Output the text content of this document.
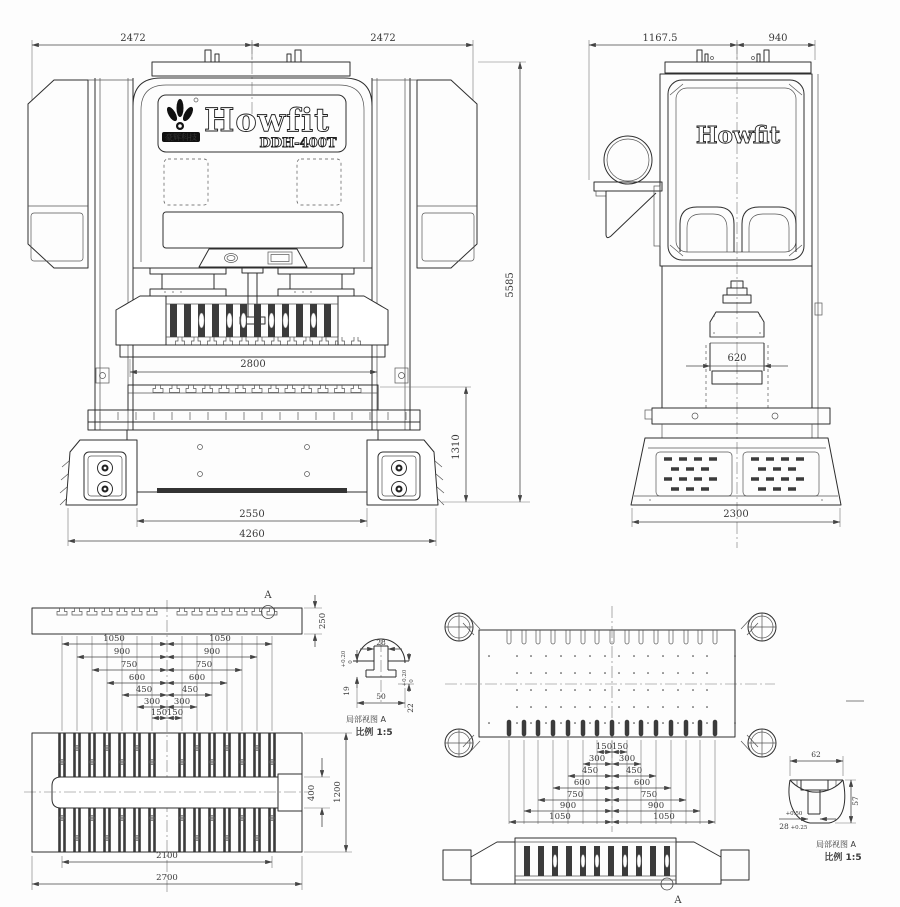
2472	2472
豪辉科技 Howfit
DDH-400T
2800
2550
4260
1310
5585
1167.5	940
Howfit
620
2300
A
250
1050	1050
900	900
750	750
600	600
450	450
300 300
150 150
400 1200
2100
2700
28
50
19
+0.20 0
+0.20 0
22
局部视图 A
比例 1:5
150 150
300 300
450	450
600	600
750	750
900	900
1050	1050
A
62
57
+0.50
28 +0.25
局部视图 A
比例 1:5
